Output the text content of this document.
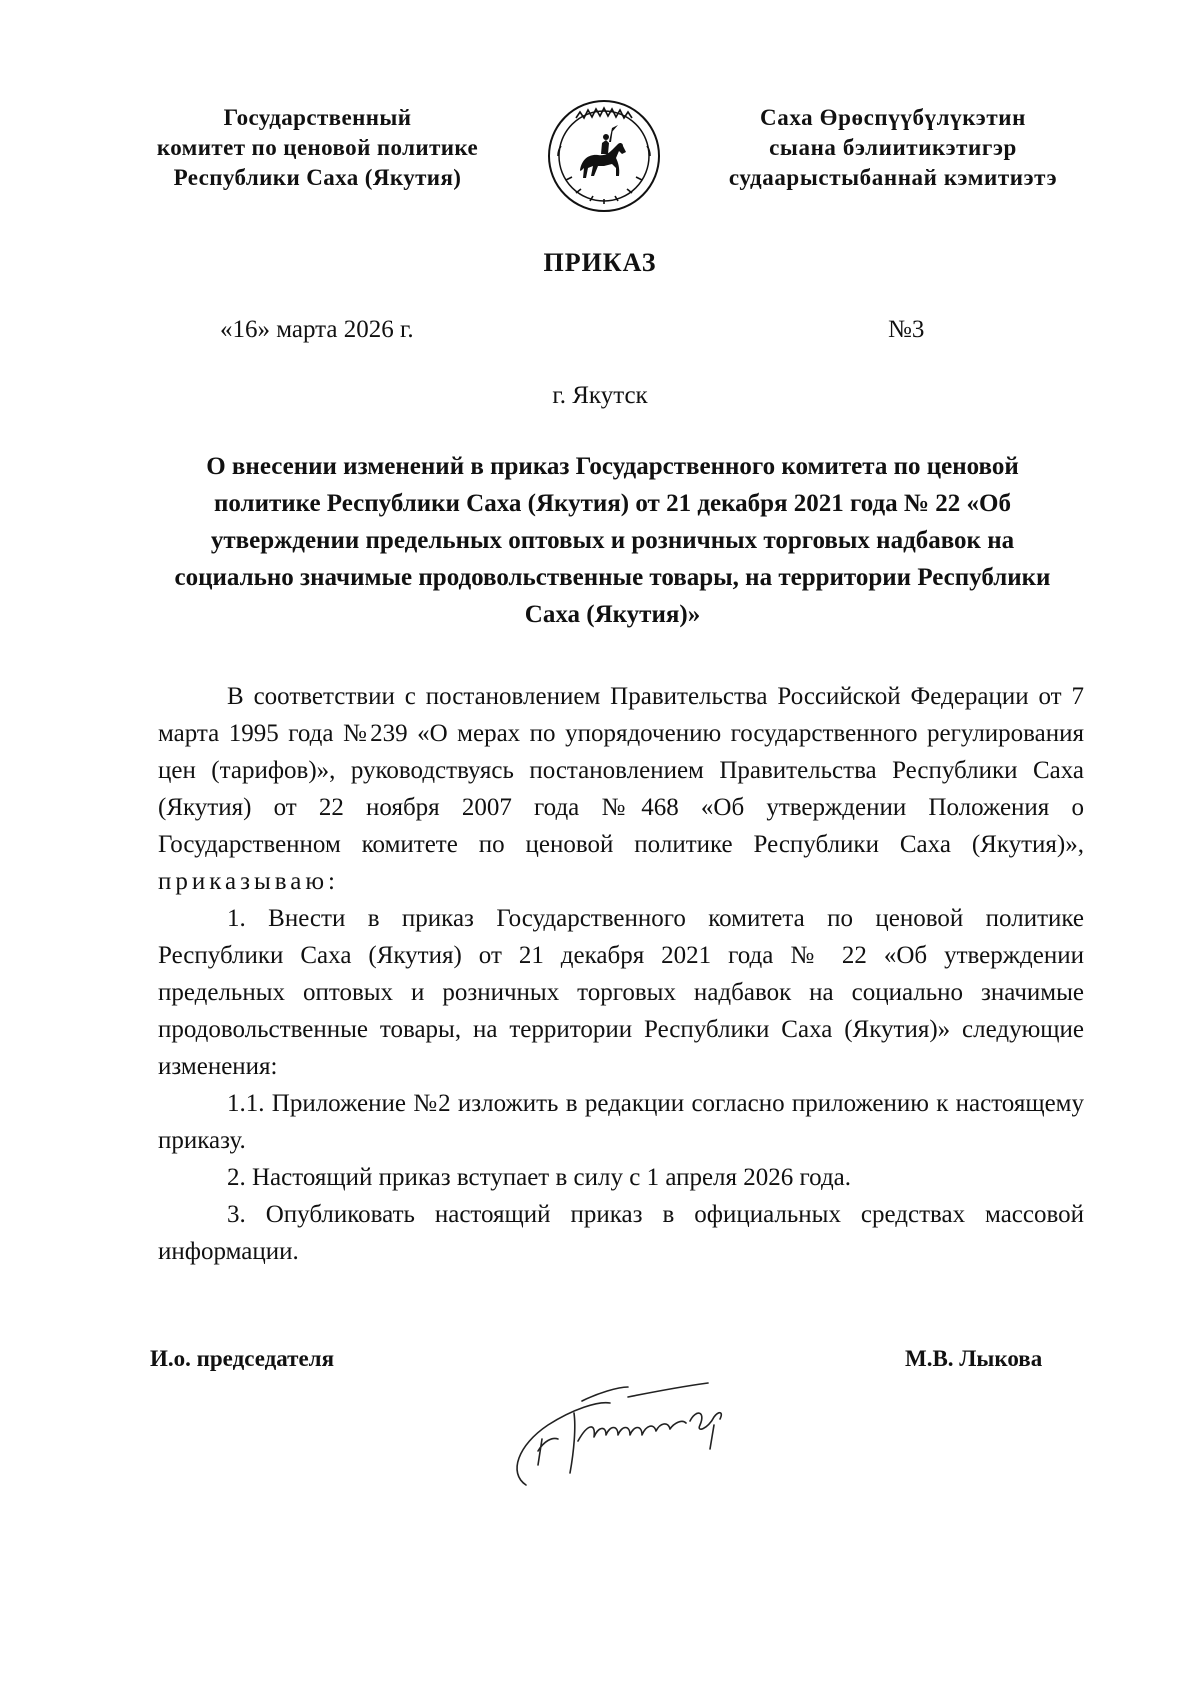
Государственный
комитет по ценовой политике
Республики Саха (Якутия)
Саха Өрөспүүбүлүкэтин
сыана бэлиитикэтигэр
судаарыстыбаннай кэмитиэтэ
ПРИКАЗ
«16» марта 2026 г.	№3
г. Якутск
О внесении изменений в приказ Государственного комитета по ценовой политике Республики Саха (Якутия) от 21 декабря 2021 года № 22 «Об утверждении предельных оптовых и розничных торговых надбавок на социально значимые продовольственные товары, на территории Республики Саха (Якутия)»

В соответствии с постановлением Правительства Российской Федерации от 7 марта 1995 года №239 «О мерах по упорядочению государственного регулирования цен (тарифов)», руководствуясь постановлением Правительства Республики Саха (Якутия) от 22 ноября 2007 года №468 «Об утверждении Положения о Государственном комитете по ценовой политике Республики Саха (Якутия)», приказываю:

1. Внести в приказ Государственного комитета по ценовой политике Республики Саха (Якутия) от 21 декабря 2021 года № 22 «Об утверждении предельных оптовых и розничных торговых надбавок на социально значимые продовольственные товары, на территории Республики Саха (Якутия)» следующие изменения:

1.1. Приложение №2 изложить в редакции согласно приложению к настоящему приказу.

2. Настоящий приказ вступает в силу с 1 апреля 2026 года.

3. Опубликовать настоящий приказ в официальных средствах массовой информации.

И.о. председателя	М.В. Лыкова
